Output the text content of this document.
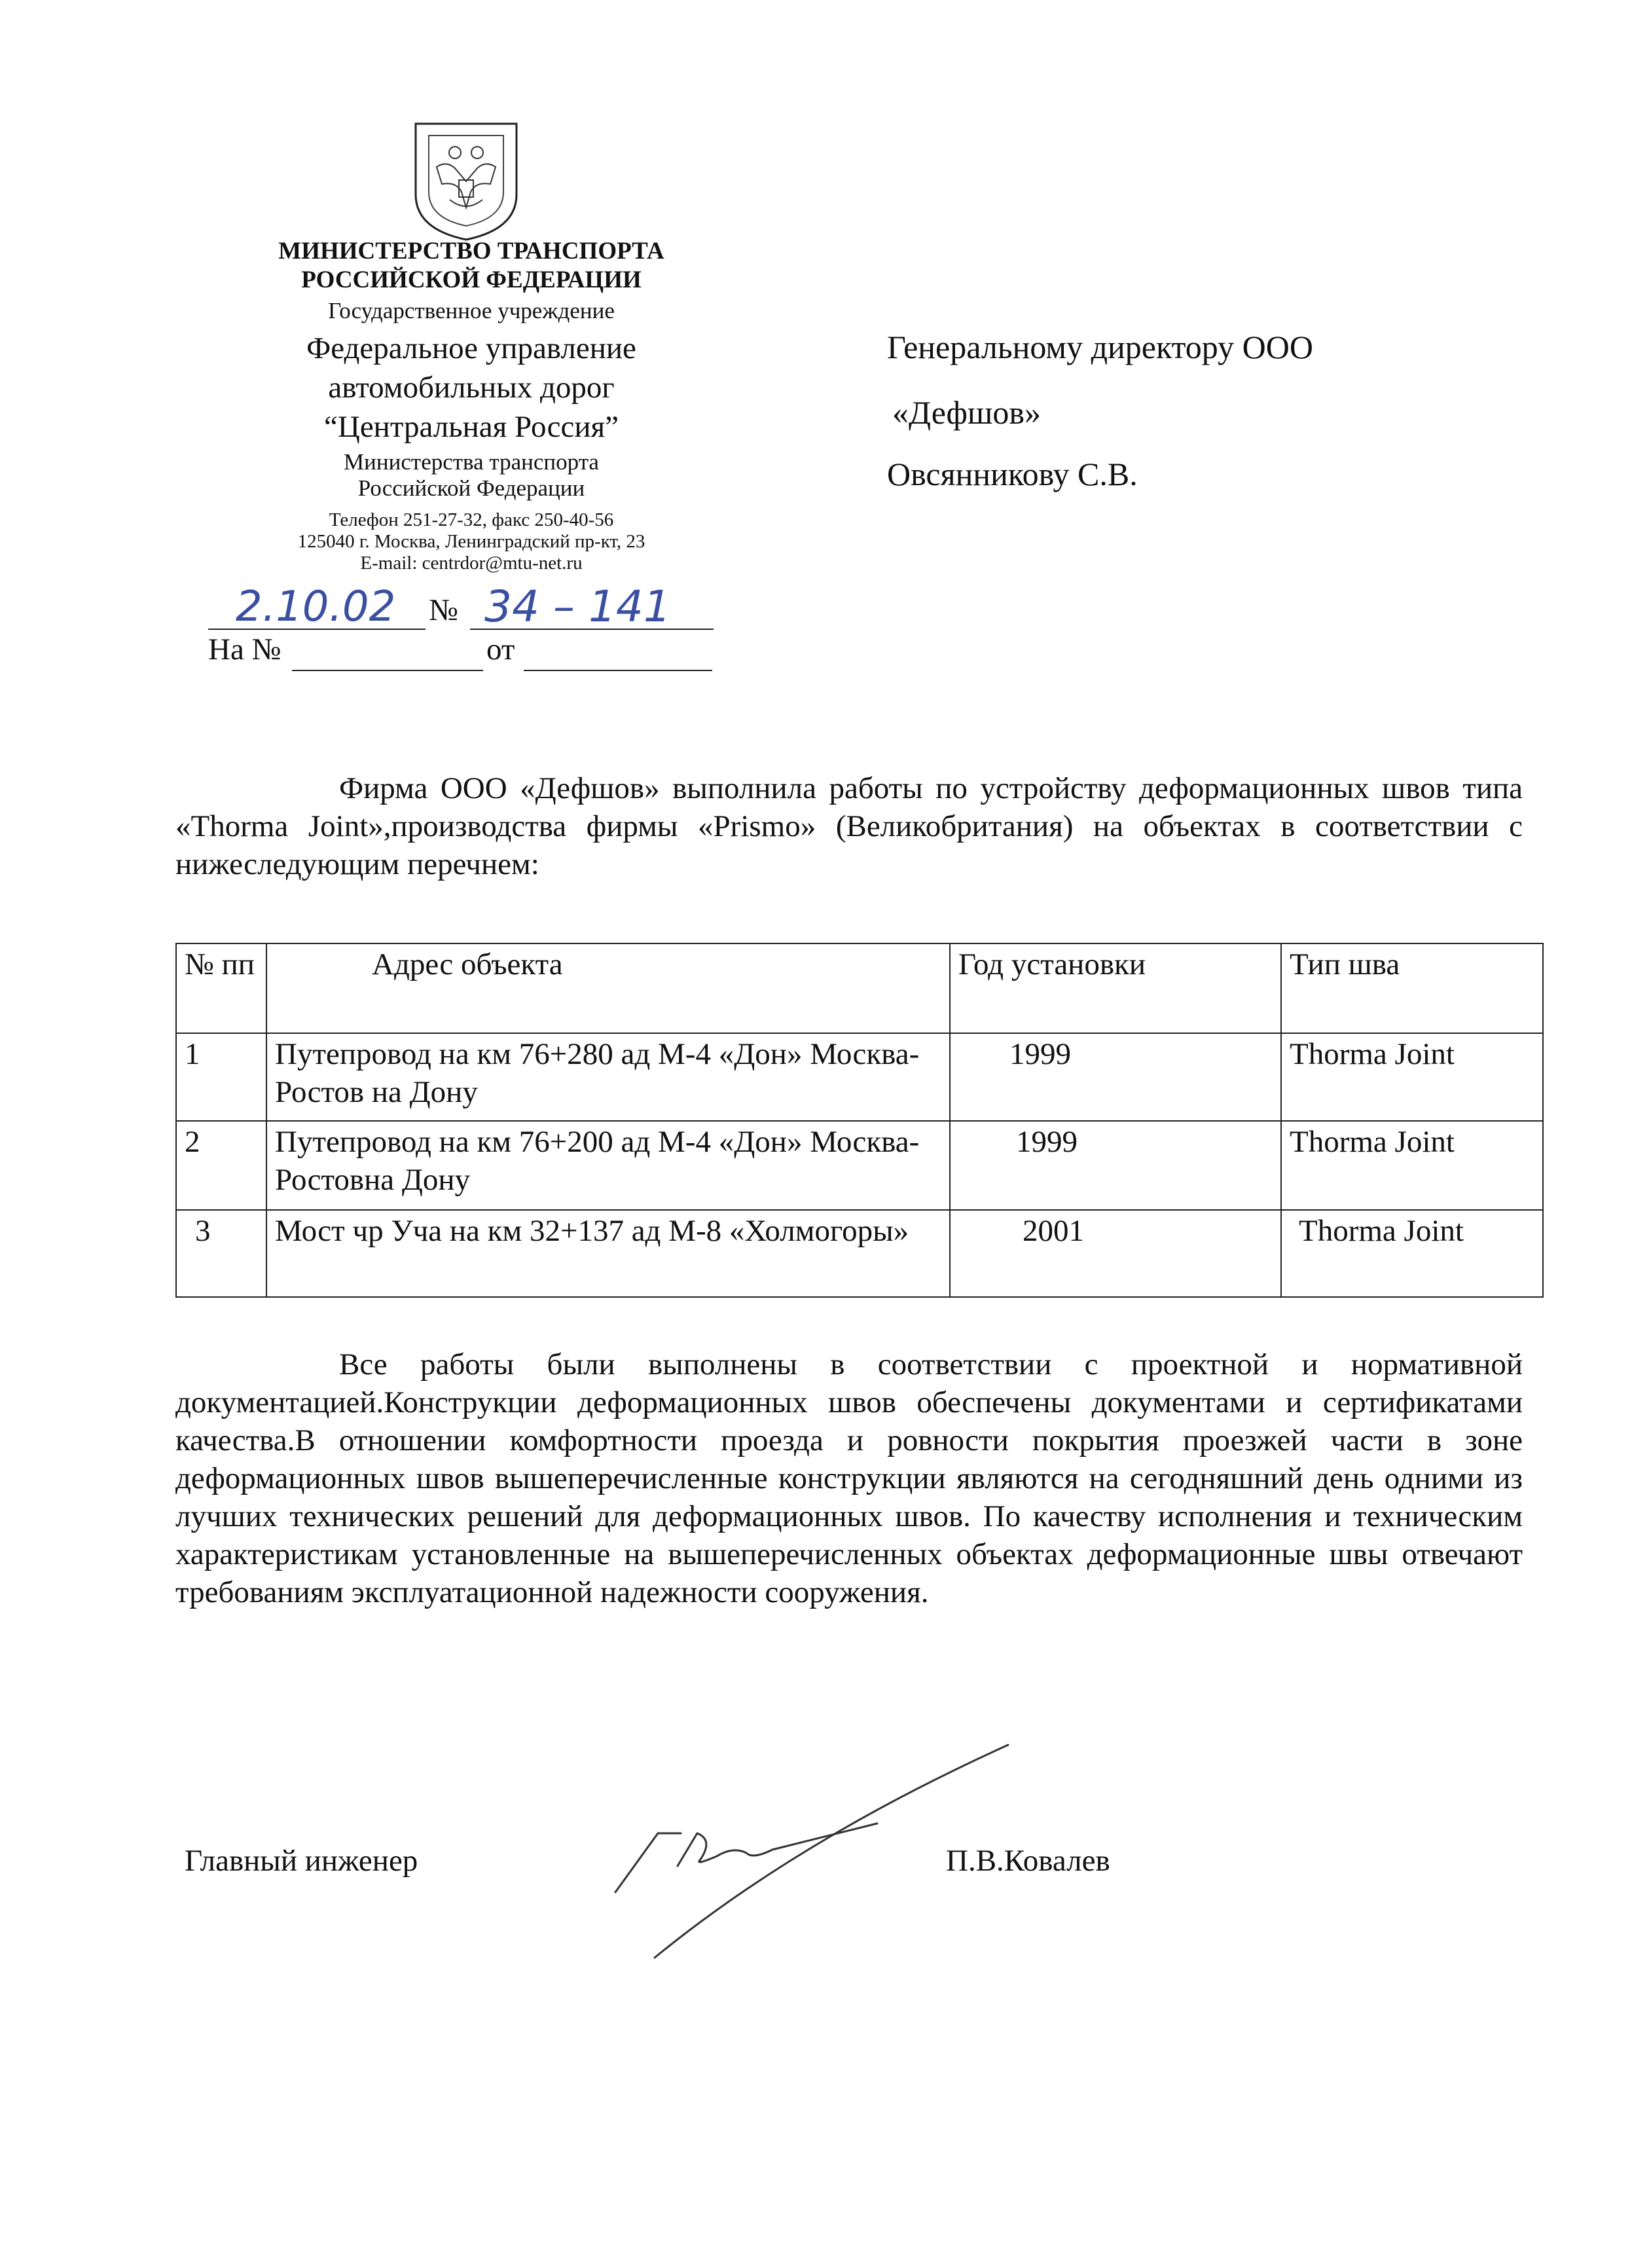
МИНИСТЕРСТВО ТРАНСПОРТА
РОССИЙСКОЙ ФЕДЕРАЦИИ
Государственное учреждение
Федеральное управление
автомобильных дорог
“Центральная Россия”
Министерства транспорта
Российской Федерации
Телефон 251-27-32, факс 250-40-56
125040 г. Москва, Ленинградский пр-кт, 23
E-mail: centrdor@mtu-net.ru
2.10.02 № 34 – 141
На №	от
Генеральному директору ООО
«Дефшов»
Овсянникову С.В.
Фирма ООО «Дефшов» выполнила работы по устройству деформационных швов типа «Thorma Joint»,производства фирмы «Prismo» (Великобритания) на объектах в соответствии с нижеследующим перечнем:
№ пп	Адрес объекта	Год установки	Тип шва
1	Путепровод на км 76+280 ад М-4 «Дон» Москва-Ростов на Дону	1999	Thorma Joint
2	Путепровод на км 76+200 ад М-4 «Дон» Москва-Ростовна Дону	1999	Thorma Joint
3	Мост чр Уча на км 32+137 ад М-8 «Холмогоры»	2001	Thorma Joint
Все работы были выполнены в соответствии с проектной и нормативной документацией.Конструкции деформационных швов обеспечены документами и сертификатами качества.В отношении комфортности проезда и ровности покрытия проезжей части в зоне деформационных швов вышеперечисленные конструкции являются на сегодняшний день одними из лучших технических решений для деформационных швов. По качеству исполнения и техническим характеристикам установленные на вышеперечисленных объектах деформационные швы отвечают требованиям эксплуатационной надежности сооружения.
Главный инженер	П.В.Ковалев
